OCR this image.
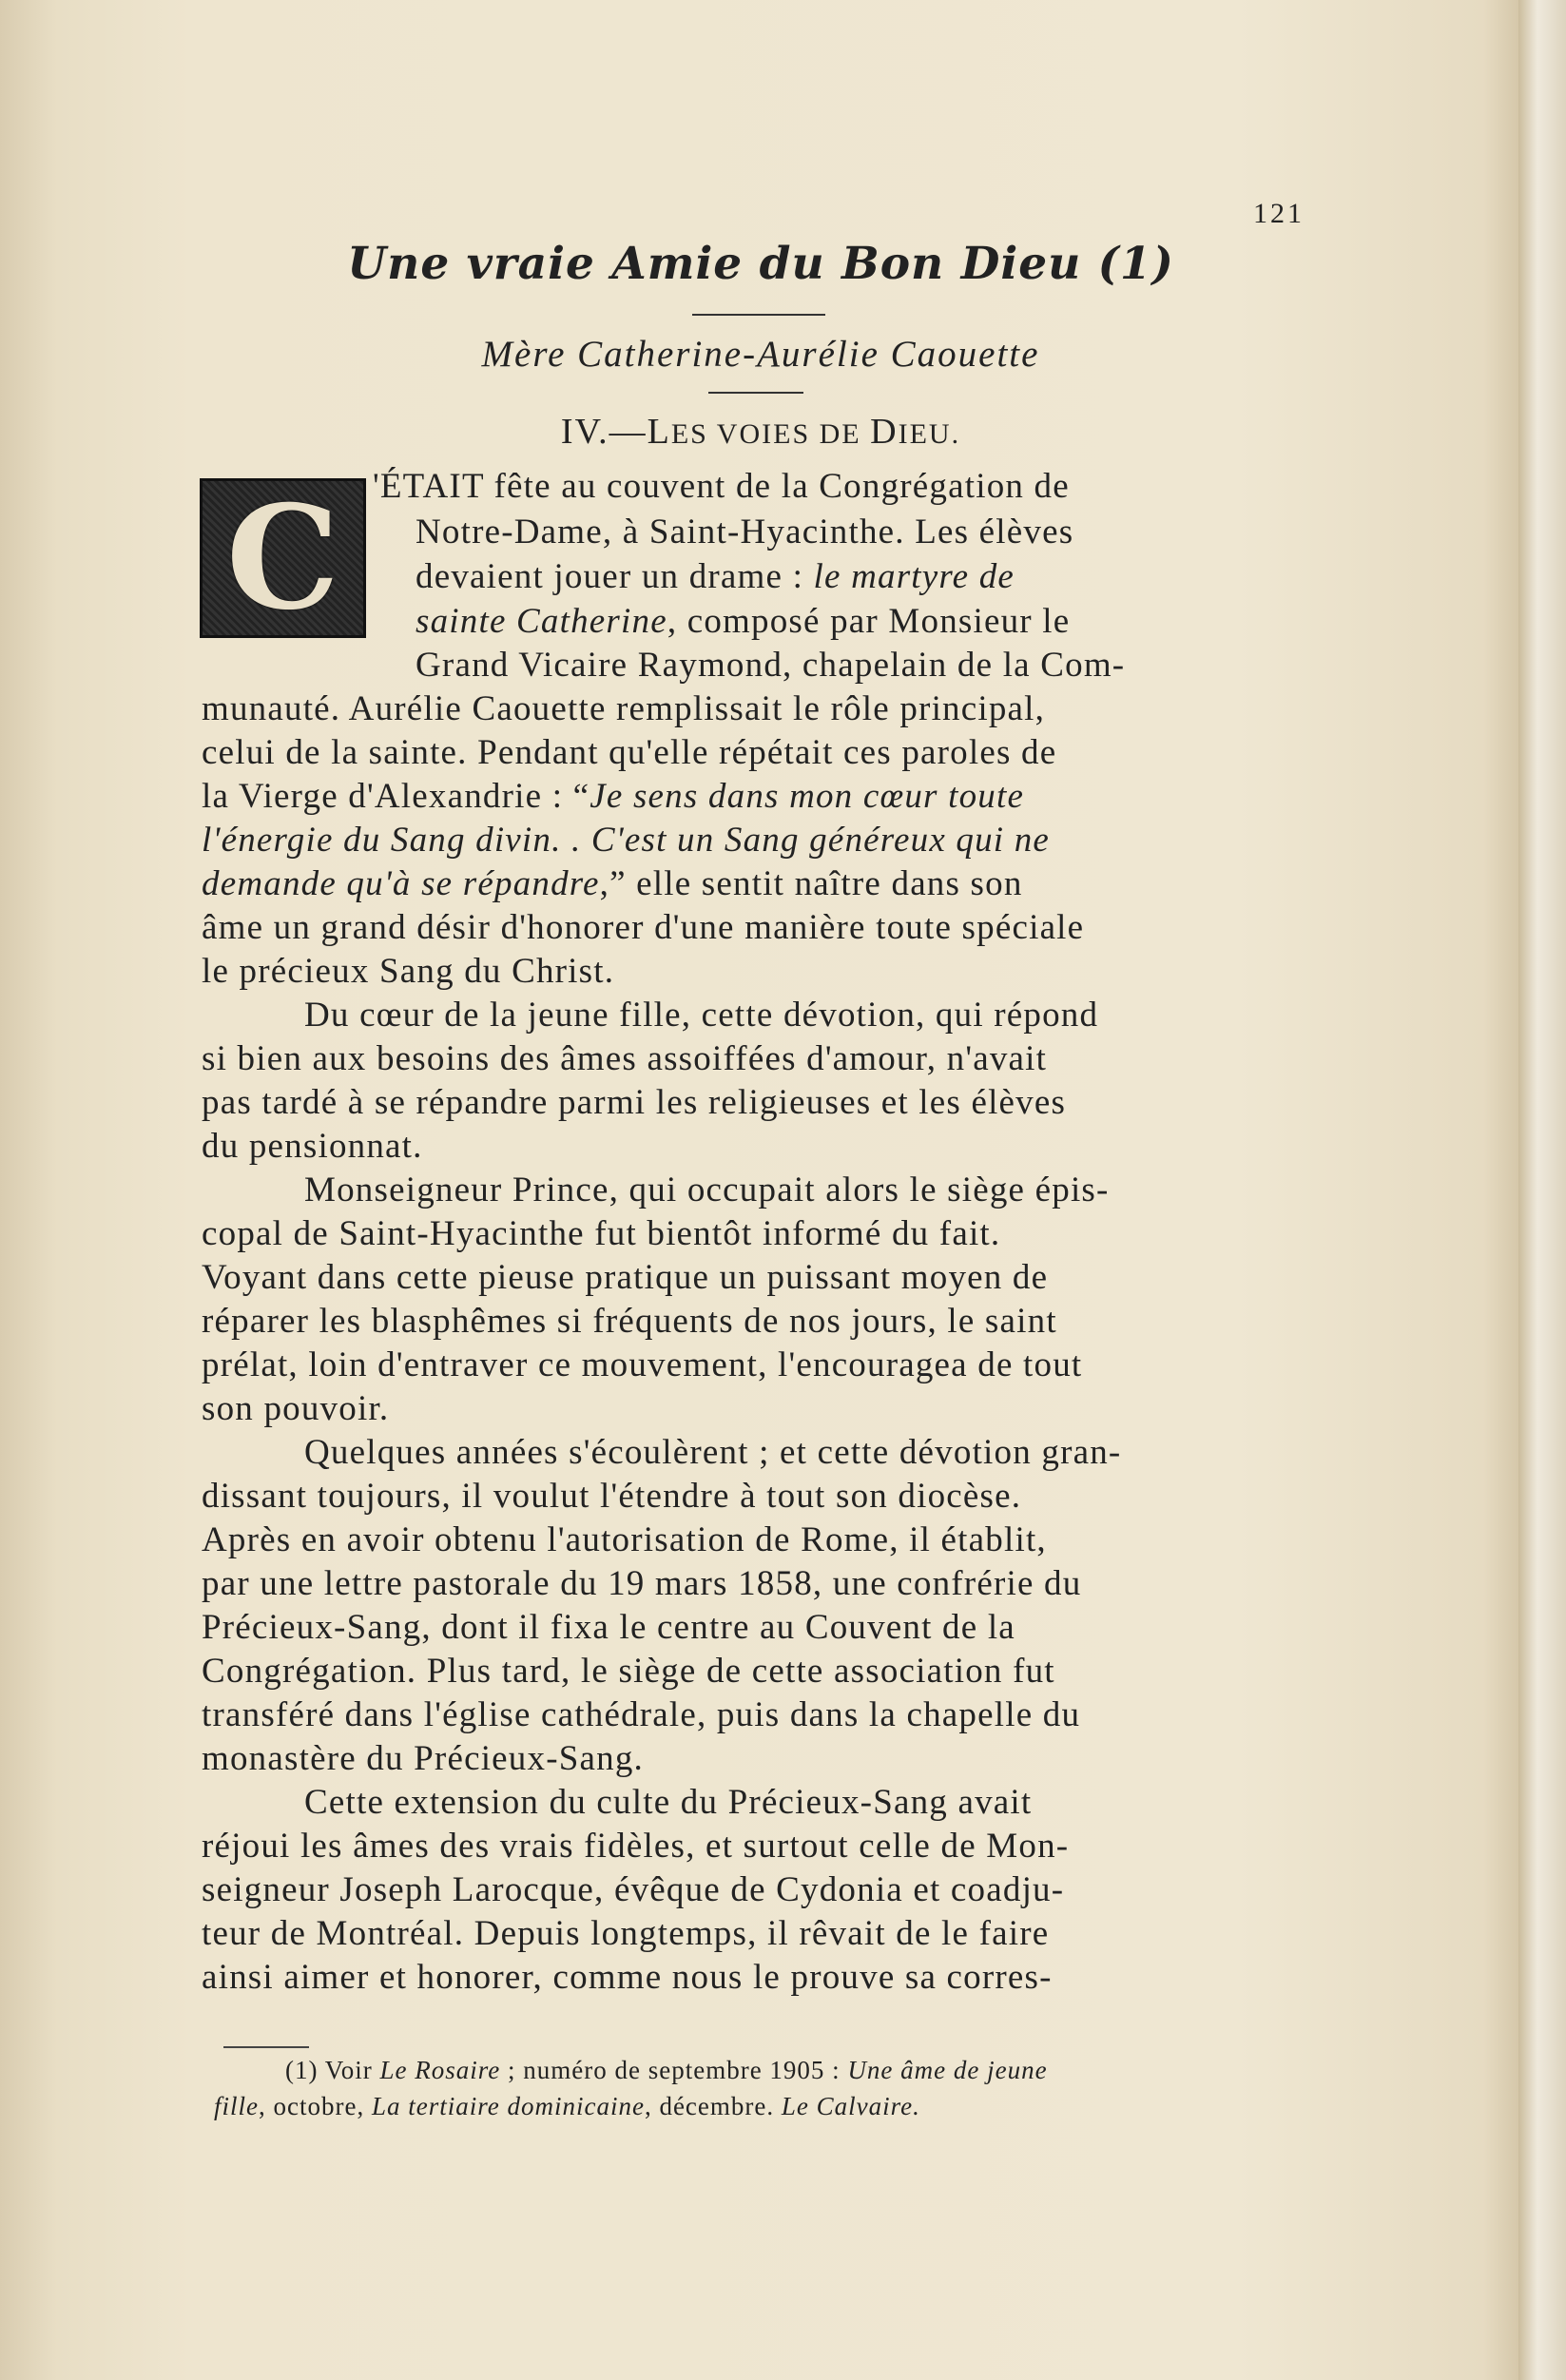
121
Une vraie Amie du Bon Dieu (1)
Mère Catherine-Aurélie Caouette
IV.—LES VOIES DE DIEU.
C 'ÉTAIT fête au couvent de la Congrégation de
Notre-Dame, à Saint-Hyacinthe. Les élèves
devaient jouer un drame : le martyre de
sainte Catherine, composé par Monsieur le
Grand Vicaire Raymond, chapelain de la Com-
munauté. Aurélie Caouette remplissait le rôle principal,
celui de la sainte. Pendant qu'elle répétait ces paroles de
la Vierge d'Alexandrie : “Je sens dans mon cœur toute
l'énergie du Sang divin. . C'est un Sang généreux qui ne
demande qu'à se répandre,” elle sentit naître dans son
âme un grand désir d'honorer d'une manière toute spéciale
le précieux Sang du Christ.
Du cœur de la jeune fille, cette dévotion, qui répond
si bien aux besoins des âmes assoiffées d'amour, n'avait
pas tardé à se répandre parmi les religieuses et les élèves
du pensionnat.
Monseigneur Prince, qui occupait alors le siège épis-
copal de Saint-Hyacinthe fut bientôt informé du fait.
Voyant dans cette pieuse pratique un puissant moyen de
réparer les blasphêmes si fréquents de nos jours, le saint
prélat, loin d'entraver ce mouvement, l'encouragea de tout
son pouvoir.
Quelques années s'écoulèrent ; et cette dévotion gran-
dissant toujours, il voulut l'étendre à tout son diocèse.
Après en avoir obtenu l'autorisation de Rome, il établit,
par une lettre pastorale du 19 mars 1858, une confrérie du
Précieux-Sang, dont il fixa le centre au Couvent de la
Congrégation. Plus tard, le siège de cette association fut
transféré dans l'église cathédrale, puis dans la chapelle du
monastère du Précieux-Sang.
Cette extension du culte du Précieux-Sang avait
réjoui les âmes des vrais fidèles, et surtout celle de Mon-
seigneur Joseph Larocque, évêque de Cydonia et coadju-
teur de Montréal. Depuis longtemps, il rêvait de le faire
ainsi aimer et honorer, comme nous le prouve sa corres-
(1) Voir Le Rosaire ; numéro de septembre 1905 : Une âme de jeune
fille, octobre, La tertiaire dominicaine, décembre. Le Calvaire.
